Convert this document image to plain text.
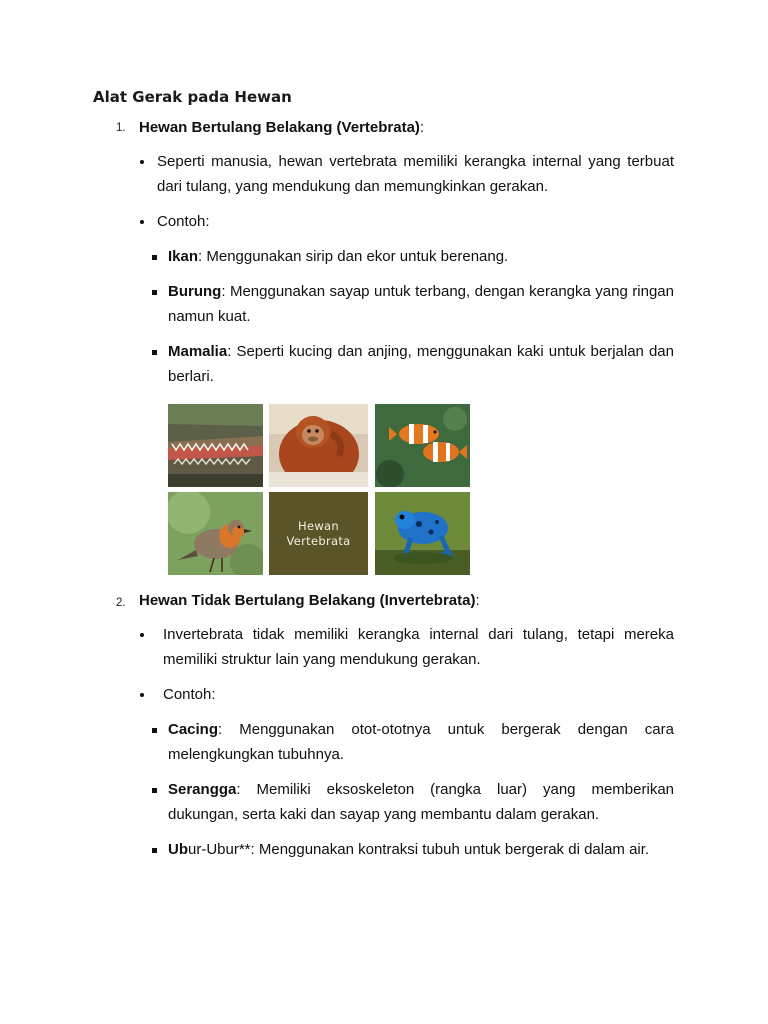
Alat Gerak pada Hewan
1. Hewan Bertulang Belakang (Vertebrata):
Seperti manusia, hewan vertebrata memiliki kerangka internal yang terbuat dari tulang, yang mendukung dan memungkinkan gerakan.
Contoh:
Ikan: Menggunakan sirip dan ekor untuk berenang.
Burung: Menggunakan sayap untuk terbang, dengan kerangka yang ringan namun kuat.
Mamalia: Seperti kucing dan anjing, menggunakan kaki untuk berjalan dan berlari.
Hewan
Vertebrata
2. Hewan Tidak Bertulang Belakang (Invertebrata):
Invertebrata tidak memiliki kerangka internal dari tulang, tetapi mereka memiliki struktur lain yang mendukung gerakan.
Contoh:
Cacing: Menggunakan otot-ototnya untuk bergerak dengan cara melengkungkan tubuhnya.
Serangga: Memiliki eksoskeleton (rangka luar) yang memberikan dukungan, serta kaki dan sayap yang membantu dalam gerakan.
Ubur-Ubur**: Menggunakan kontraksi tubuh untuk bergerak di dalam air.
